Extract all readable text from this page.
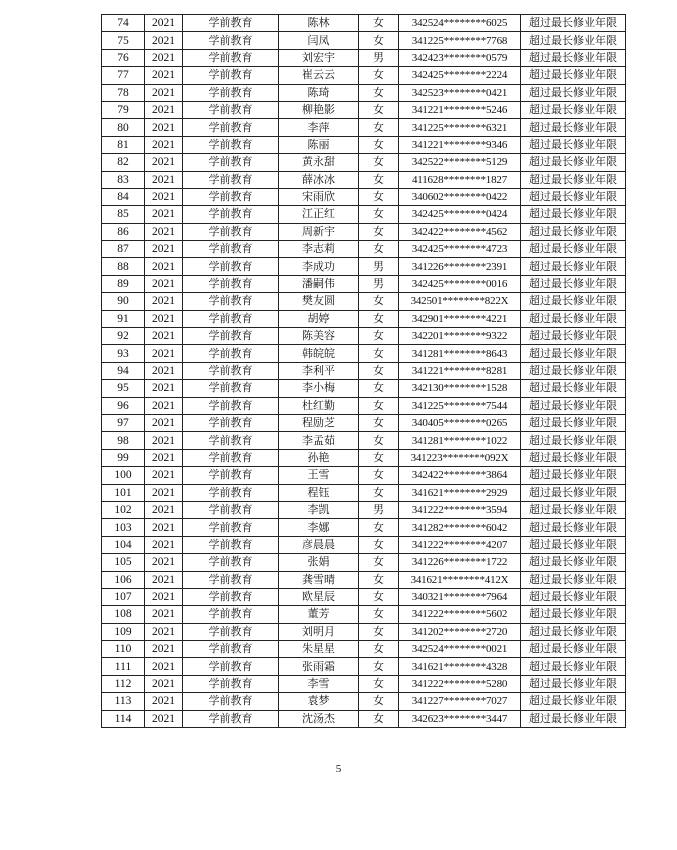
74	2021	学前教育	陈林	女	342524********6025	超过最长修业年限
75	2021	学前教育	闫凤	女	341225********7768	超过最长修业年限
76	2021	学前教育	刘宏宇	男	342423********0579	超过最长修业年限
77	2021	学前教育	崔云云	女	342425********2224	超过最长修业年限
78	2021	学前教育	陈琦	女	342523********0421	超过最长修业年限
79	2021	学前教育	柳艳影	女	341221********5246	超过最长修业年限
80	2021	学前教育	李萍	女	341225********6321	超过最长修业年限
81	2021	学前教育	陈丽	女	341221********9346	超过最长修业年限
82	2021	学前教育	黄永甜	女	342522********5129	超过最长修业年限
83	2021	学前教育	薛冰冰	女	411628********1827	超过最长修业年限
84	2021	学前教育	宋雨欣	女	340602********0422	超过最长修业年限
85	2021	学前教育	江正红	女	342425********0424	超过最长修业年限
86	2021	学前教育	周新宇	女	342422********4562	超过最长修业年限
87	2021	学前教育	李志莉	女	342425********4723	超过最长修业年限
88	2021	学前教育	李成功	男	341226********2391	超过最长修业年限
89	2021	学前教育	潘嗣伟	男	342425********0016	超过最长修业年限
90	2021	学前教育	樊友圆	女	342501********822X	超过最长修业年限
91	2021	学前教育	胡婷	女	342901********4221	超过最长修业年限
92	2021	学前教育	陈美容	女	342201********9322	超过最长修业年限
93	2021	学前教育	韩皖皖	女	341281********8643	超过最长修业年限
94	2021	学前教育	李利平	女	341221********8281	超过最长修业年限
95	2021	学前教育	李小梅	女	342130********1528	超过最长修业年限
96	2021	学前教育	杜红勤	女	341225********7544	超过最长修业年限
97	2021	学前教育	程励芝	女	340405********0265	超过最长修业年限
98	2021	学前教育	李孟茹	女	341281********1022	超过最长修业年限
99	2021	学前教育	孙艳	女	341223********092X	超过最长修业年限
100	2021	学前教育	王雪	女	342422********3864	超过最长修业年限
101	2021	学前教育	程钰	女	341621********2929	超过最长修业年限
102	2021	学前教育	李凯	男	341222********3594	超过最长修业年限
103	2021	学前教育	李娜	女	341282********6042	超过最长修业年限
104	2021	学前教育	彦晨晨	女	341222********4207	超过最长修业年限
105	2021	学前教育	张娟	女	341226********1722	超过最长修业年限
106	2021	学前教育	龚雪晴	女	341621********412X	超过最长修业年限
107	2021	学前教育	欧星辰	女	340321********7964	超过最长修业年限
108	2021	学前教育	董芳	女	341222********5602	超过最长修业年限
109	2021	学前教育	刘明月	女	341202********2720	超过最长修业年限
110	2021	学前教育	朱星星	女	342524********0021	超过最长修业年限
111	2021	学前教育	张雨霜	女	341621********4328	超过最长修业年限
112	2021	学前教育	李雪	女	341222********5280	超过最长修业年限
113	2021	学前教育	袁梦	女	341227********7027	超过最长修业年限
114	2021	学前教育	沈汤杰	女	342623********3447	超过最长修业年限
5
